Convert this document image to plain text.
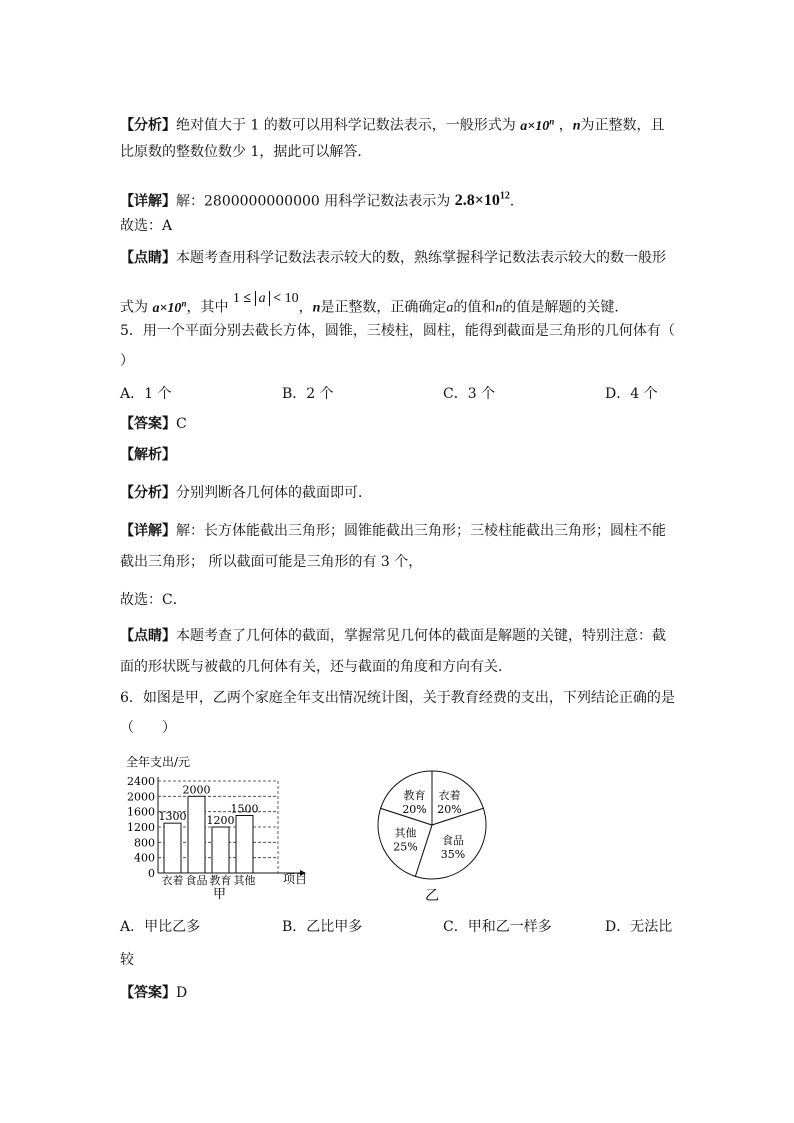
【分析】绝对值大于 1 的数可以用科学记数法表示，一般形式为 $a\times 10^n$ ，n为正整数，且
比原数的整数位数少 1，据此可以解答．
【详解】解：2800000000000 用科学记数法表示为 $2.8\times 10^{12}$．
故选：A
【点睛】本题考查用科学记数法表示较大的数，熟练掌握科学记数法表示较大的数一般形
式为 $a\times 10^n$，其中 1 ≤ a < 10，n是正整数，正确确定a的值和n的值是解题的关键．
5．用一个平面分别去截长方体，圆锥，三棱柱，圆柱，能得到截面是三角形的几何体有（
）
A．1 个	B．2 个	C．3 个	D．4 个
【答案】C
【解析】
【分析】分别判断各几何体的截面即可．
【详解】解：长方体能截出三角形；圆锥能截出三角形；三棱柱能截出三角形；圆柱不能
截出三角形； 所以截面可能是三角形的有 3 个，
故选：C．
【点睛】本题考查了几何体的截面，掌握常见几何体的截面是解题的关键，特别注意：截
面的形状既与被截的几何体有关，还与截面的角度和方向有关．
6．如图是甲，乙两个家庭全年支出情况统计图，关于教育经费的支出，下列结论正确的是
（　　）
全年支出/元
2400
2000
1600
1200
800
400
0
1300
2000
1200
1500
衣着 食品 教育 其他 项目
甲
教育
20%
衣着
20%
食品
35%
其他
25%
乙
A．甲比乙多	B．乙比甲多	C．甲和乙一样多	D．无法比
较
【答案】D
